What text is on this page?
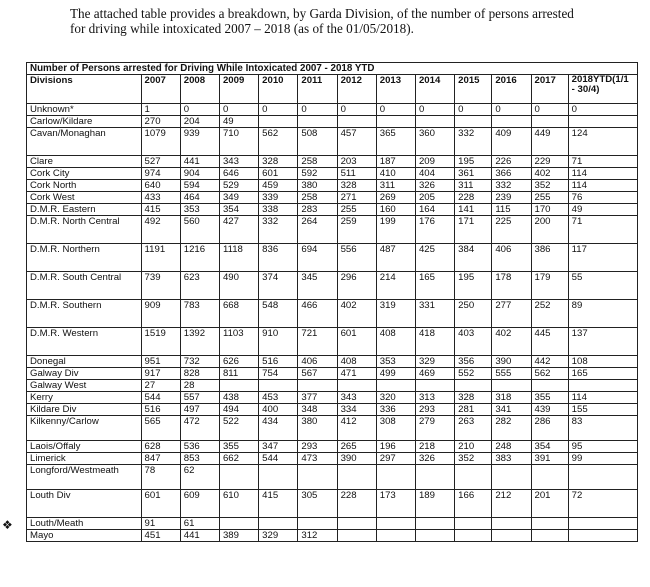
The attached table provides a breakdown, by Garda Division, of the number of persons arrested for driving while intoxicated 2007 – 2018 (as of the 01/05/2018).
Number of Persons arrested for Driving While Intoxicated 2007 - 2018 YTD												
Divisions	2007	2008	2009	2010	2011	2012	2013	2014	2015	2016	2017	2018YTD(1/1 - 30/4)
Unknown*	1	0	0	0	0	0	0	0	0	0	0	0
Carlow/Kildare	270	204	49									
Cavan/Monaghan	1079	939	710	562	508	457	365	360	332	409	449	124
Clare	527	441	343	328	258	203	187	209	195	226	229	71
Cork City	974	904	646	601	592	511	410	404	361	366	402	114
Cork North	640	594	529	459	380	328	311	326	311	332	352	114
Cork West	433	464	349	339	258	271	269	205	228	239	255	76
D.M.R. Eastern	415	353	354	338	283	255	160	164	141	115	170	49
D.M.R. North Central	492	560	427	332	264	259	199	176	171	225	200	71
D.M.R. Northern	1191	1216	1118	836	694	556	487	425	384	406	386	117
D.M.R. South Central	739	623	490	374	345	296	214	165	195	178	179	55
D.M.R. Southern	909	783	668	548	466	402	319	331	250	277	252	89
D.M.R. Western	1519	1392	1103	910	721	601	408	418	403	402	445	137
Donegal	951	732	626	516	406	408	353	329	356	390	442	108
Galway Div	917	828	811	754	567	471	499	469	552	555	562	165
Galway West	27	28										
Kerry	544	557	438	453	377	343	320	313	328	318	355	114
Kildare Div	516	497	494	400	348	334	336	293	281	341	439	155
Kilkenny/Carlow	565	472	522	434	380	412	308	279	263	282	286	83
Laois/Offaly	628	536	355	347	293	265	196	218	210	248	354	95
Limerick	847	853	662	544	473	390	297	326	352	383	391	99
Longford/Westmeath	78	62										
Louth Div	601	609	610	415	305	228	173	189	166	212	201	72
Louth/Meath	91	61										
Mayo	451	441	389	329	312							
❖
